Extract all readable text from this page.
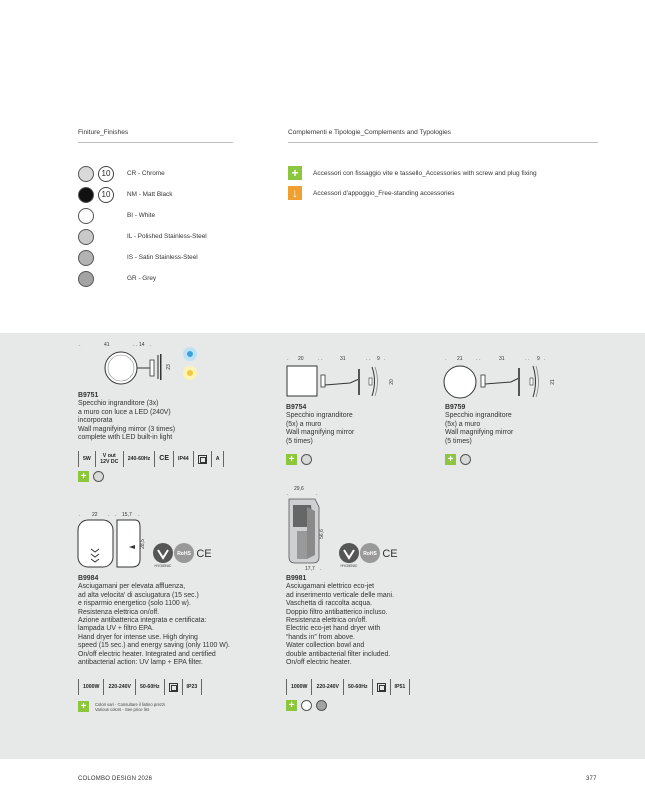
Finiture_Finishes	Complementi e Tipologie_Complements and Typologies
10	CR - Chrome
10	NM - Matt Black
BI - White
IL - Polished Stainless-Steel
IS - Satin Stainless-Steel
GR - Grey
+	Accessori con fissaggio vite e tassello_Accessories with screw and plug fixing
↓	Accessori d'appoggio_Free-standing accessories
·	41	· · 14 ·
23
B9751
Specchio ingranditore (3x)
a muro con luce a LED (240V)
incorporata
Wall magnifying mirror (3 times)
complete with LED built-in light
5W	V out 12V DC	240-60Hz	CE	IP44	A
+
· 20	· ·	31	· · 9 ·
20
B9754
Specchio ingranditore
(5x) a muro
Wall magnifying mirror
(5 times)
+
· 21	· ·	31	· · 9 ·
21
B9759
Specchio ingranditore
(5x) a muro
Wall magnifying mirror
(5 times)
+
· 22 · · 15,7 ·
28,5
HYGIENIC
RoHS CE
B9984
Asciugamani per elevata affluenza,
ad alta velocita' di asciugatura (15 sec.)
e risparmio energetico (solo 1100 w).
Resistenza elettrica on/off.
Azione antibatterica integrata e certificata:
lampada UV + filtro EPA.
Hand dryer for intense use. High drying
speed (15 sec.) and energy saving (only 1100 W).
On/off electric heater. Integrated and certified
antibacterial action: UV lamp + EPA filter.
1000W	220-240V	50-60Hz	IP23
+	Colori vari - Consultare il listino prezzi
Various colors - See price list
29,6
·	·
56,6
· 17,7 ·
HYGIENIC
RoHS CE
B9981
Asciugamani elettrico eco-jet
ad inserimento verticale delle mani.
Vaschetta di raccolta acqua.
Doppio filtro antibatterico incluso.
Resistenza elettrica on/off.
Electric eco-jet hand dryer with
“hands in” from above.
Water collection bowl and
double antibacterial filter included.
On/off electric heater.
1000W	220-240V	50-60Hz	IP51
+
COLOMBO DESIGN 2026	377
